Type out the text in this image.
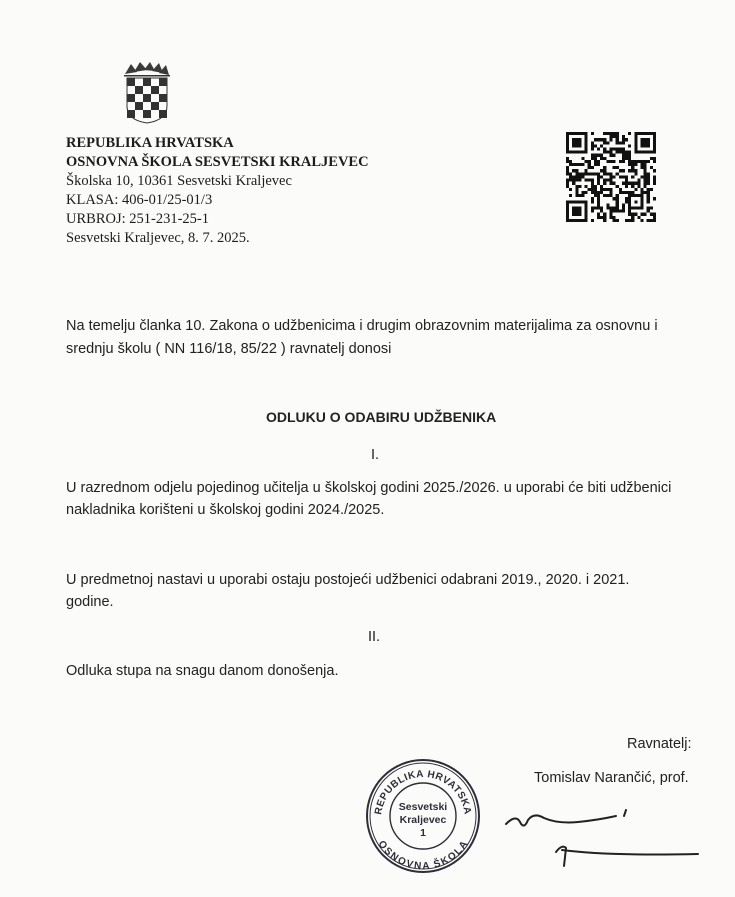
REPUBLIKA HRVATSKA
OSNOVNA ŠKOLA SESVETSKI KRALJEVEC
Školska 10, 10361 Sesvetski Kraljevec
KLASA: 406-01/25-01/3
URBROJ: 251-231-25-1
Sesvetski Kraljevec, 8. 7. 2025.
Na temelju članka 10. Zakona o udžbenicima i drugim obrazovnim materijalima za osnovnu i
srednju školu ( NN 116/18, 85/22 ) ravnatelj donosi
ODLUKU O ODABIRU UDŽBENIKA
I.
U razrednom odjelu pojedinog učitelja u školskoj godini 2025./2026. u uporabi će biti udžbenici
nakladnika korišteni u školskoj godini 2024./2025.
U predmetnoj nastavi u uporabi ostaju postojeći udžbenici odabrani 2019., 2020. i 2021.
godine.
II.
Odluka stupa na snagu danom donošenja.
Ravnatelj:
Tomislav Narančić, prof.
REPUBLIKA HRVATSKA
OSNOVNA ŠKOLA
Sesvetski
Kraljevec
1
